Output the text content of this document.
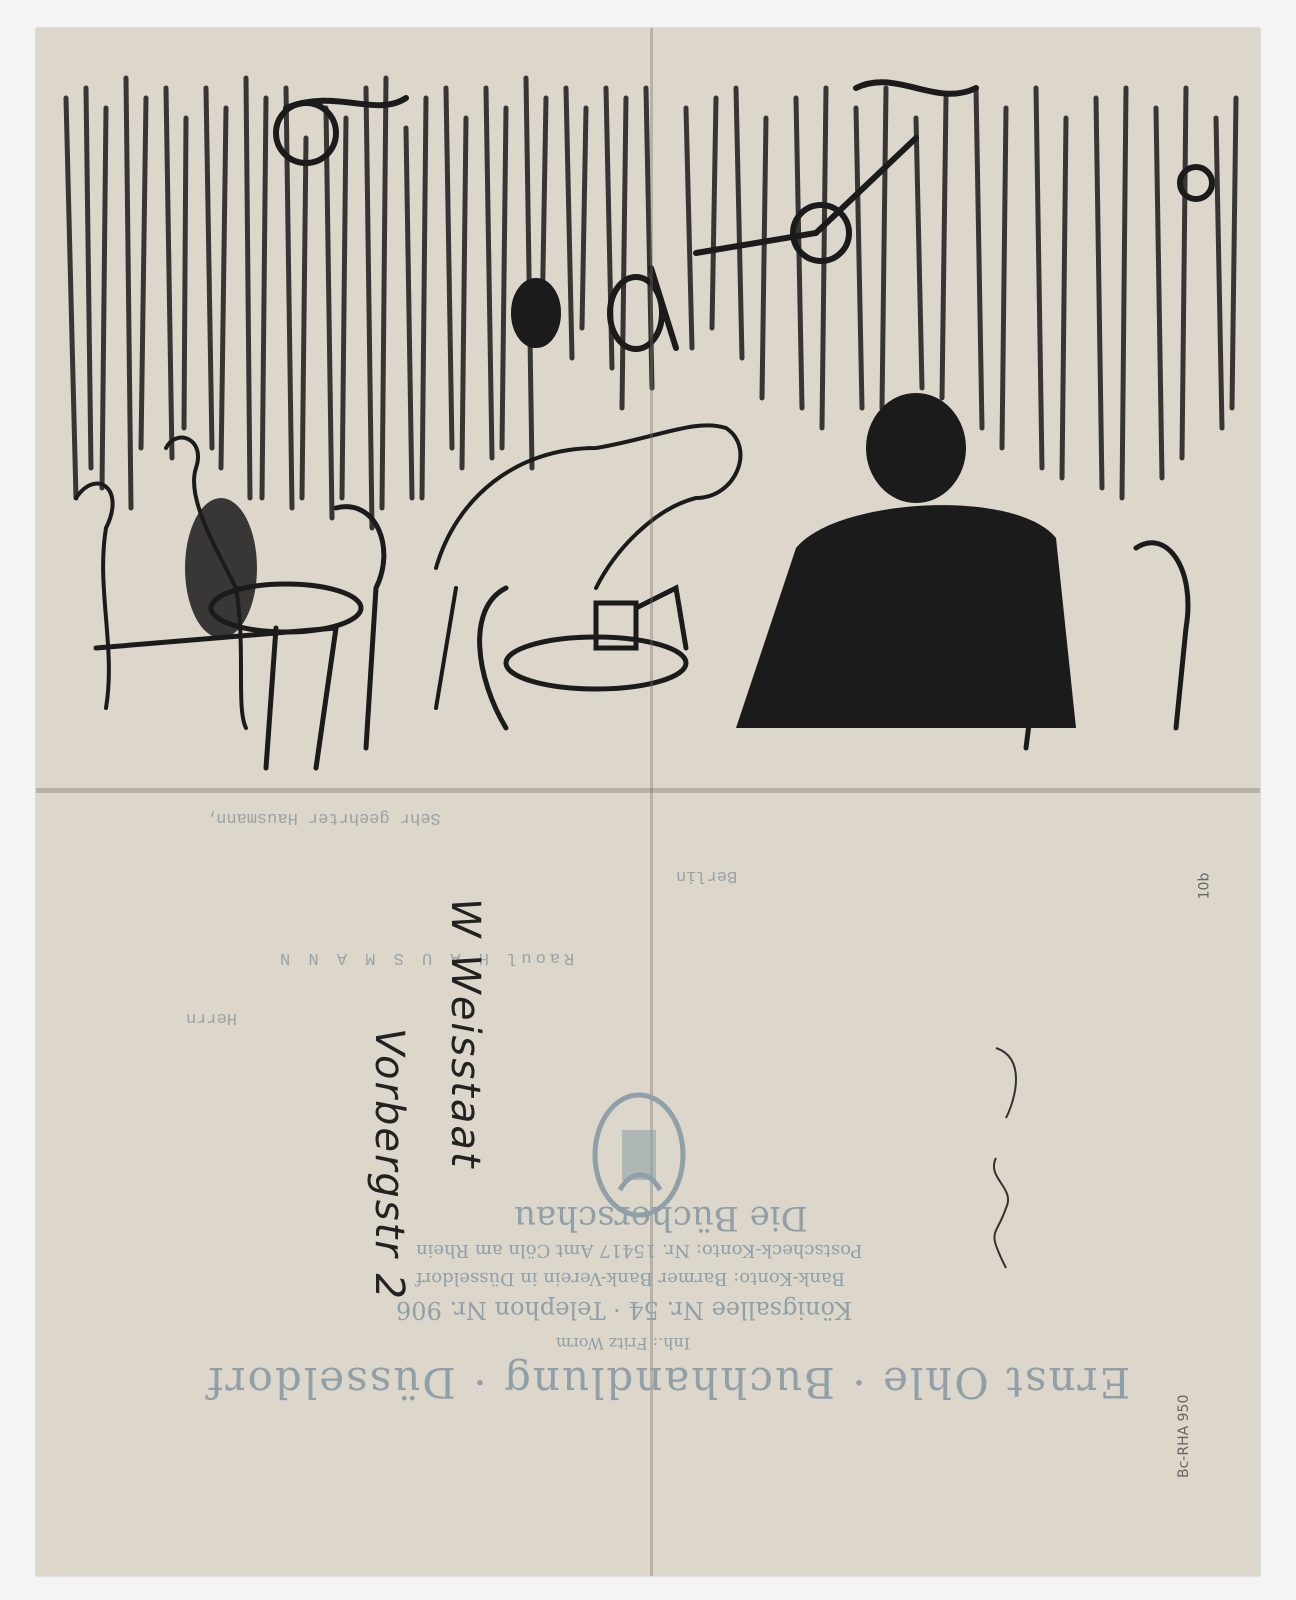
Sehr geehrter Hausmann,
Berlin
Raoul H A U S M A N N
Herrn
Die Bücherschau
Postscheck-Konto: Nr. 15417 Amt Cöln am Rhein
Bank-Konto: Barmer Bank-Verein in Düsseldorf
Königsallee Nr. 54 · Telephon Nr. 906
Inh.: Fritz Worm
Ernst Ohle · Buchhandlung · Düsseldorf
W Weisstaat
Vorbergstr 2
10b
Bc-RHA 950
